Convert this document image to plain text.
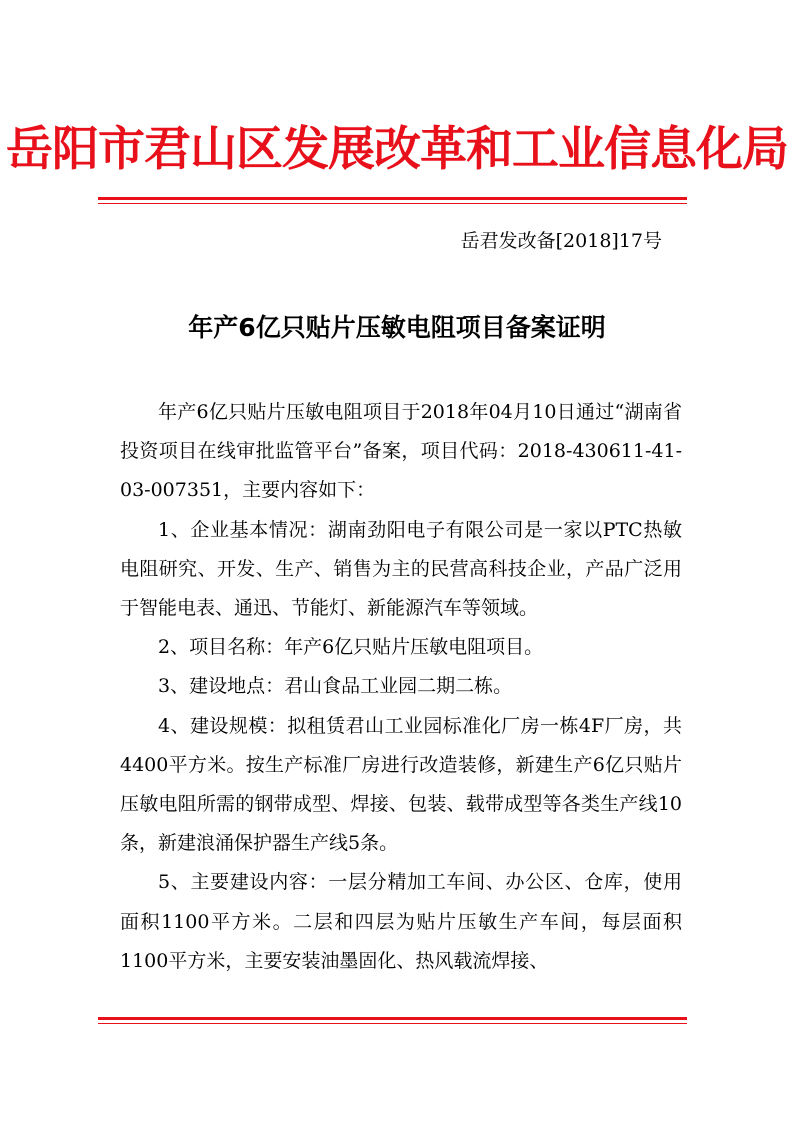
岳阳市君山区发展改革和工业信息化局

岳君发改备[2018]17号

年产6亿只贴片压敏电阻项目备案证明

年产6亿只贴片压敏电阻项目于2018年04月10日通过“湖南省投资项目在线审批监管平台”备案，项目代码：2018-430611-41-03-007351，主要内容如下：

1、企业基本情况：湖南劲阳电子有限公司是一家以PTC热敏电阻研究、开发、生产、销售为主的民营高科技企业，产品广泛用于智能电表、通迅、节能灯、新能源汽车等领域。

2、项目名称：年产6亿只贴片压敏电阻项目。

3、建设地点：君山食品工业园二期二栋。

4、建设规模：拟租赁君山工业园标准化厂房一栋4F厂房，共4400平方米。按生产标准厂房进行改造装修，新建生产6亿只贴片压敏电阻所需的钢带成型、焊接、包装、载带成型等各类生产线10条，新建浪涌保护器生产线5条。

5、主要建设内容：一层分精加工车间、办公区、仓库，使用面积1100平方米。二层和四层为贴片压敏生产车间，每层面积1100平方米，主要安装油墨固化、热风载流焊接、
